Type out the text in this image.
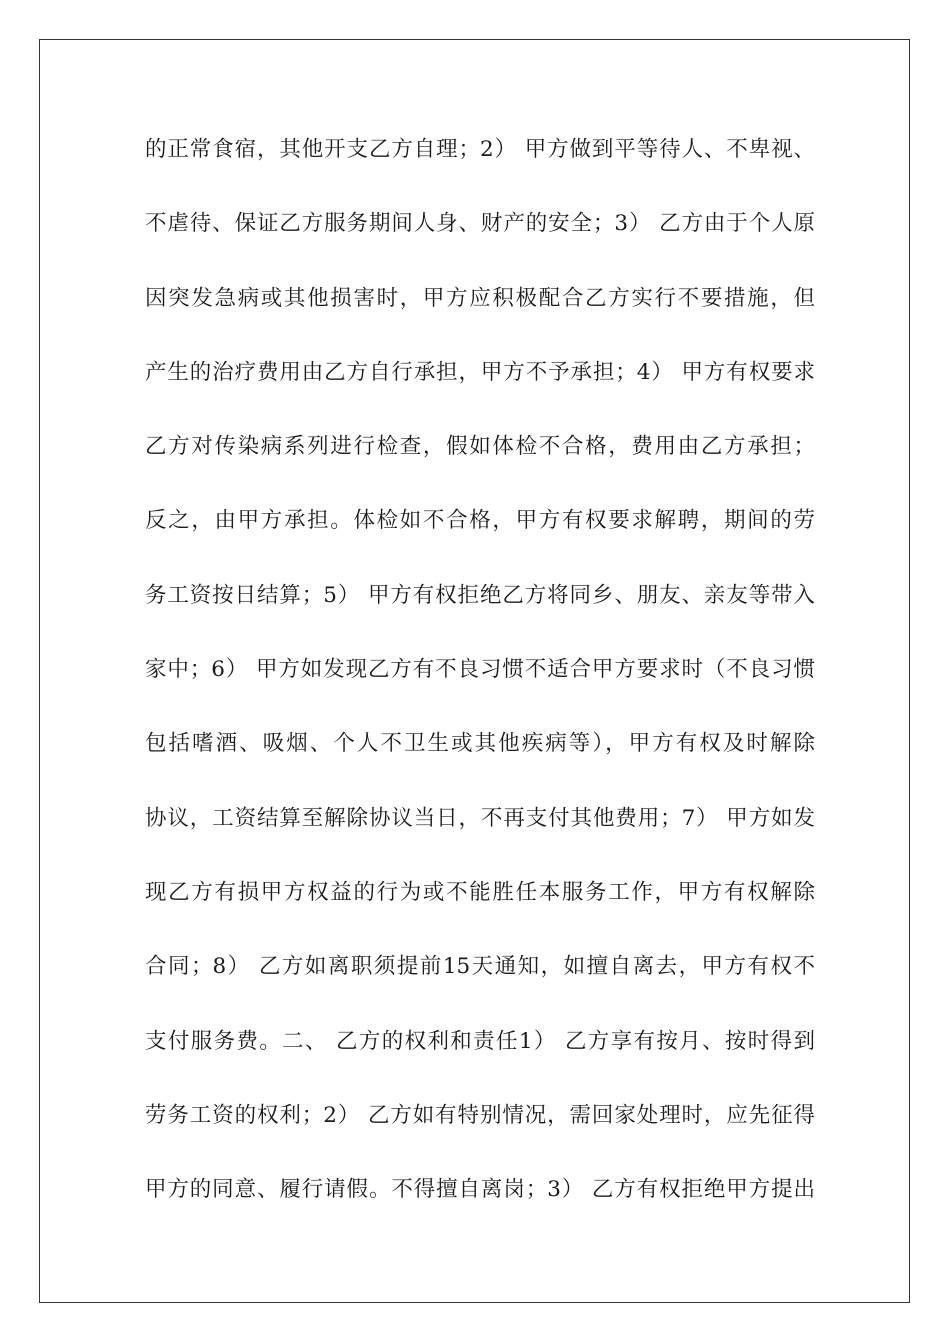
的正常食宿，其他开支乙方自理；2） 甲方做到平等待人、不卑视、
不虐待、保证乙方服务期间人身、财产的安全；3） 乙方由于个人原
因突发急病或其他损害时，甲方应积极配合乙方实行不要措施，但
产生的治疗费用由乙方自行承担，甲方不予承担；4） 甲方有权要求
乙方对传染病系列进行检查，假如体检不合格，费用由乙方承担；
反之，由甲方承担。体检如不合格，甲方有权要求解聘，期间的劳
务工资按日结算；5） 甲方有权拒绝乙方将同乡、朋友、亲友等带入
家中；6） 甲方如发现乙方有不良习惯不适合甲方要求时（不良习惯
包括嗜酒、吸烟、个人不卫生或其他疾病等），甲方有权及时解除
协议，工资结算至解除协议当日，不再支付其他费用；7） 甲方如发
现乙方有损甲方权益的行为或不能胜任本服务工作，甲方有权解除
合同；8） 乙方如离职须提前15天通知，如擅自离去，甲方有权不
支付服务费。二、 乙方的权利和责任1） 乙方享有按月、按时得到
劳务工资的权利；2） 乙方如有特别情况，需回家处理时，应先征得
甲方的同意、履行请假。不得擅自离岗；3） 乙方有权拒绝甲方提出
